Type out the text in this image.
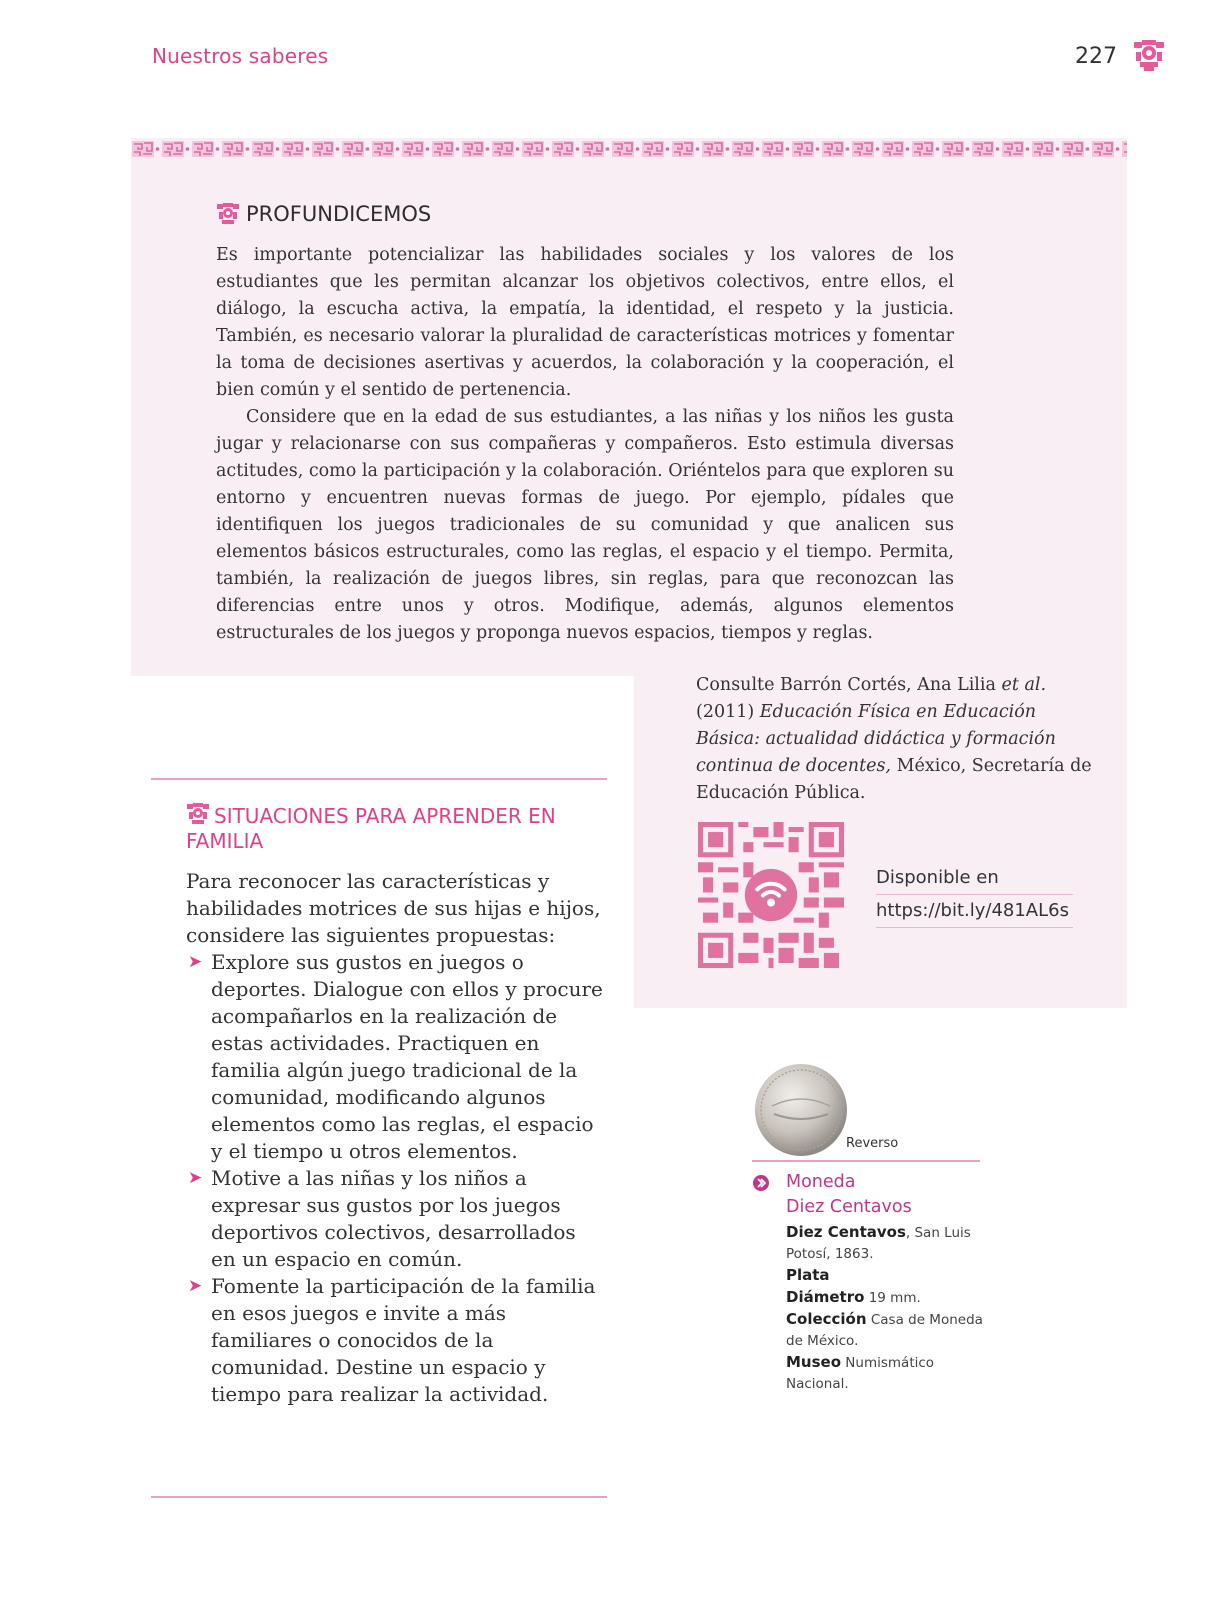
Nuestros saberes	227
PROFUNDICEMOS

Es importante potencializar las habilidades sociales y los valores de los estudiantes que les permitan alcanzar los objetivos colectivos, entre ellos, el diálogo, la escucha activa, la empatía, la identidad, el respeto y la justicia. También, es necesario valorar la pluralidad de características motrices y fomentar la toma de decisiones asertivas y acuerdos, la colaboración y la cooperación, el bien común y el sentido de pertenencia.

Considere que en la edad de sus estudiantes, a las niñas y los niños les gusta jugar y relacionarse con sus compañeras y compañeros. Esto estimula diversas actitudes, como la participación y la colaboración. Oriéntelos para que exploren su entorno y encuentren nuevas formas de juego. Por ejemplo, pídales que identifiquen los juegos tradicionales de su comunidad y que analicen sus elementos básicos estructurales, como las reglas, el espacio y el tiempo. Permita, también, la realización de juegos libres, sin reglas, para que reconozcan las diferencias entre unos y otros. Modifique, además, algunos elementos estructurales de los juegos y proponga nuevos espacios, tiempos y reglas.

Consulte Barrón Cortés, Ana Lilia et al. (2011) Educación Física en Educación Básica: actualidad didáctica y formación continua de docentes, México, Secretaría de Educación Pública.
Disponible en
https://bit.ly/481AL6s
SITUACIONES PARA APRENDER EN FAMILIA
Para reconocer las características y habilidades motrices de sus hijas e hijos, considere las siguientes propuestas:
➤ Explore sus gustos en juegos o deportes. Dialogue con ellos y procure acompañarlos en la realización de estas actividades. Practiquen en familia algún juego tradicional de la comunidad, modificando algunos elementos como las reglas, el espacio y el tiempo u otros elementos.
➤ Motive a las niñas y los niños a expresar sus gustos por los juegos deportivos colectivos, desarrollados en un espacio en común.
➤ Fomente la participación de la familia en esos juegos e invite a más familiares o conocidos de la comunidad. Destine un espacio y tiempo para realizar la actividad.
Reverso
Moneda
Diez Centavos
Diez Centavos, San Luis Potosí, 1863.
Plata
Diámetro 19 mm.
Colección Casa de Moneda de México.
Museo Numismático Nacional.
